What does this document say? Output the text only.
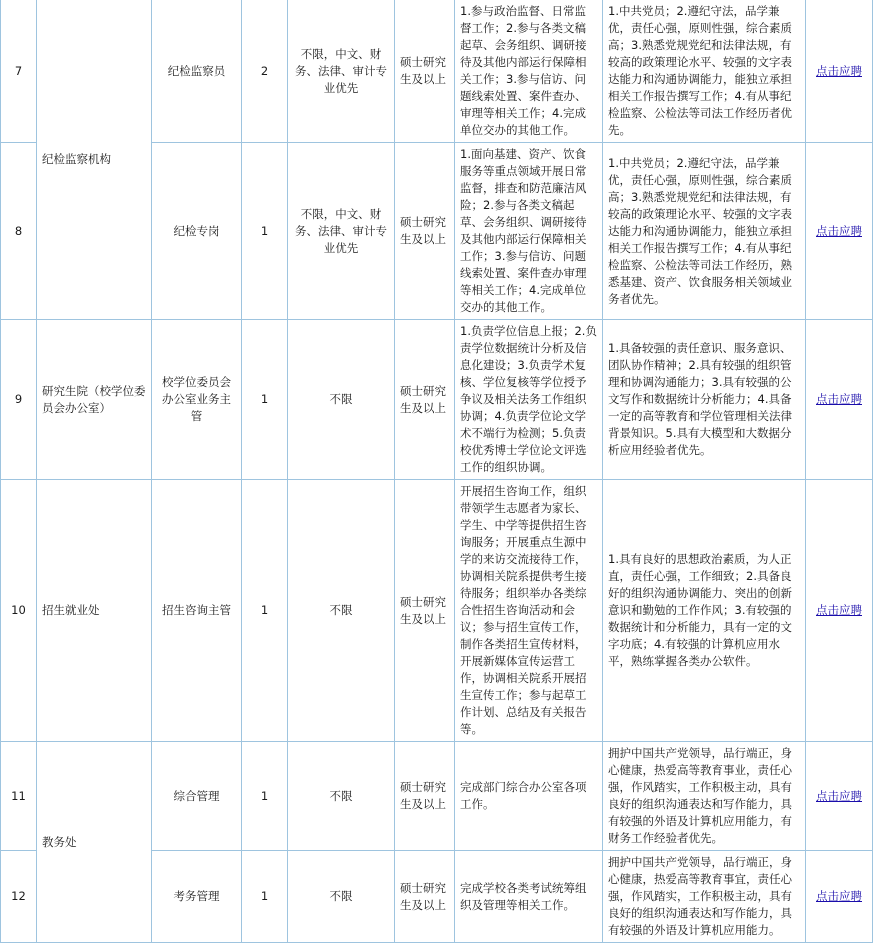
7	纪检监察机构	纪检监察员	2	不限，中文、财务、法律、审计专业优先	硕士研究生及以上	1.参与政治监督、日常监督工作；2.参与各类文稿起草、会务组织、调研接待及其他内部运行保障相关工作；3.参与信访、问题线索处置、案件查办、审理等相关工作；4.完成单位交办的其他工作。	1.中共党员；2.遵纪守法，品学兼优，责任心强，原则性强，综合素质高；3.熟悉党规党纪和法律法规，有较高的政策理论水平、较强的文字表达能力和沟通协调能力，能独立承担相关工作报告撰写工作；4.有从事纪检监察、公检法等司法工作经历者优先。	点击应聘
8		纪检专岗	1	不限，中文、财务、法律、审计专业优先	硕士研究生及以上	1.面向基建、资产、饮食服务等重点领域开展日常监督，排查和防范廉洁风险；2.参与各类文稿起草、会务组织、调研接待及其他内部运行保障相关工作；3.参与信访、问题线索处置、案件查办审理等相关工作；4.完成单位交办的其他工作。	1.中共党员；2.遵纪守法，品学兼优，责任心强，原则性强，综合素质高；3.熟悉党规党纪和法律法规，有较高的政策理论水平、较强的文字表达能力和沟通协调能力，能独立承担相关工作报告撰写工作；4.有从事纪检监察、公检法等司法工作经历，熟悉基建、资产、饮食服务相关领域业务者优先。	点击应聘
9	研究生院（校学位委员会办公室）	校学位委员会办公室业务主管	1	不限	硕士研究生及以上	1.负责学位信息上报；2.负责学位数据统计分析及信息化建设；3.负责学术复核、学位复核等学位授予争议及相关法务工作组织协调；4.负责学位论文学术不端行为检测；5.负责校优秀博士学位论文评选工作的组织协调。	1.具备较强的责任意识、服务意识、团队协作精神；2.具有较强的组织管理和协调沟通能力；3.具有较强的公文写作和数据统计分析能力；4.具备一定的高等教育和学位管理相关法律背景知识。5.具有大模型和大数据分析应用经验者优先。	点击应聘
10	招生就业处	招生咨询主管	1	不限	硕士研究生及以上	开展招生咨询工作，组织带领学生志愿者为家长、学生、中学等提供招生咨询服务；开展重点生源中学的来访交流接待工作，协调相关院系提供考生接待服务；组织举办各类综合性招生咨询活动和会议；参与招生宣传工作，制作各类招生宣传材料，开展新媒体宣传运营工作，协调相关院系开展招生宣传工作；参与起草工作计划、总结及有关报告等。	1.具有良好的思想政治素质，为人正直，责任心强，工作细致；2.具备良好的组织沟通协调能力、突出的创新意识和勤勉的工作作风；3.有较强的数据统计和分析能力，具有一定的文字功底；4.有较强的计算机应用水平，熟练掌握各类办公软件。	点击应聘
11	教务处	综合管理	1	不限	硕士研究生及以上	完成部门综合办公室各项工作。	拥护中国共产党领导，品行端正，身心健康，热爱高等教育事业，责任心强，作风踏实，工作积极主动，具有良好的组织沟通表达和写作能力，具有较强的外语及计算机应用能力，有财务工作经验者优先。	点击应聘
12		考务管理	1	不限	硕士研究生及以上	完成学校各类考试统筹组织及管理等相关工作。	拥护中国共产党领导，品行端正，身心健康，热爱高等教育事宜，责任心强，作风踏实，工作积极主动，具有良好的组织沟通表达和写作能力，具有较强的外语及计算机应用能力。	点击应聘
